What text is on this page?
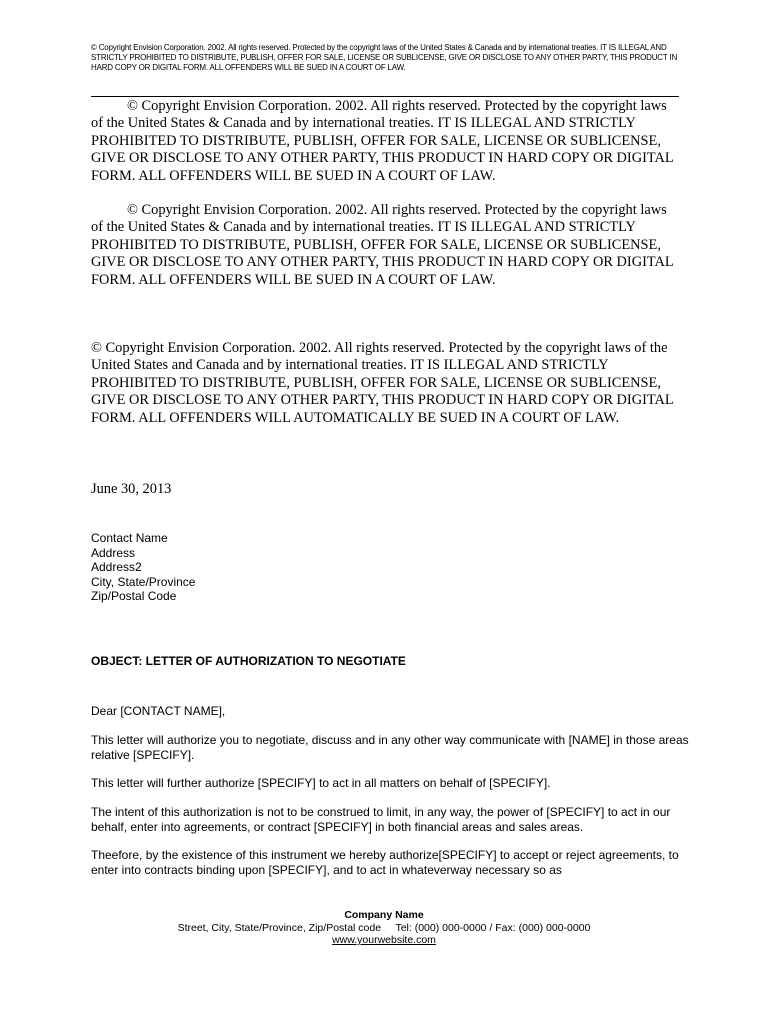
© Copyright Envision Corporation. 2002. All rights reserved. Protected by the copyright laws of the United States & Canada and by international treaties. IT IS ILLEGAL AND STRICTLY PROHIBITED TO DISTRIBUTE, PUBLISH, OFFER FOR SALE, LICENSE OR SUBLICENSE, GIVE OR DISCLOSE TO ANY OTHER PARTY, THIS PRODUCT IN HARD COPY OR DIGITAL FORM. ALL OFFENDERS WILL BE SUED IN A COURT OF LAW.
© Copyright Envision Corporation. 2002. All rights reserved. Protected by the copyright laws of the United States & Canada and by international treaties. IT IS ILLEGAL AND STRICTLY PROHIBITED TO DISTRIBUTE, PUBLISH, OFFER FOR SALE, LICENSE OR SUBLICENSE, GIVE OR DISCLOSE TO ANY OTHER PARTY, THIS PRODUCT IN HARD COPY OR DIGITAL FORM. ALL OFFENDERS WILL BE SUED IN A COURT OF LAW.
© Copyright Envision Corporation. 2002. All rights reserved. Protected by the copyright laws of the United States & Canada and by international treaties. IT IS ILLEGAL AND STRICTLY PROHIBITED TO DISTRIBUTE, PUBLISH, OFFER FOR SALE, LICENSE OR SUBLICENSE, GIVE OR DISCLOSE TO ANY OTHER PARTY, THIS PRODUCT IN HARD COPY OR DIGITAL FORM. ALL OFFENDERS WILL BE SUED IN A COURT OF LAW.
© Copyright Envision Corporation. 2002. All rights reserved. Protected by the copyright laws of the United States and Canada and by international treaties. IT IS ILLEGAL AND STRICTLY PROHIBITED TO DISTRIBUTE, PUBLISH, OFFER FOR SALE, LICENSE OR SUBLICENSE, GIVE OR DISCLOSE TO ANY OTHER PARTY, THIS PRODUCT IN HARD COPY OR DIGITAL FORM. ALL OFFENDERS WILL AUTOMATICALLY BE SUED IN A COURT OF LAW.
June 30, 2013
Contact Name
Address
Address2
City, State/Province
Zip/Postal Code
OBJECT: LETTER OF AUTHORIZATION TO NEGOTIATE
Dear [CONTACT NAME],
This letter will authorize you to negotiate, discuss and in any other way communicate with [NAME] in those areas relative [SPECIFY].
This letter will further authorize [SPECIFY] to act in all matters on behalf of [SPECIFY].
The intent of this authorization is not to be construed to limit, in any way, the power of [SPECIFY] to act in our behalf, enter into agreements, or contract [SPECIFY] in both financial areas and sales areas.
Theefore, by the existence of this instrument we hereby authorize[SPECIFY] to accept or reject agreements, to enter into contracts binding upon [SPECIFY], and to act in whateverway necessary so as
Company Name
Street, City, State/Province, Zip/Postal code     Tel: (000) 000-0000 / Fax: (000) 000-0000
www.yourwebsite.com
